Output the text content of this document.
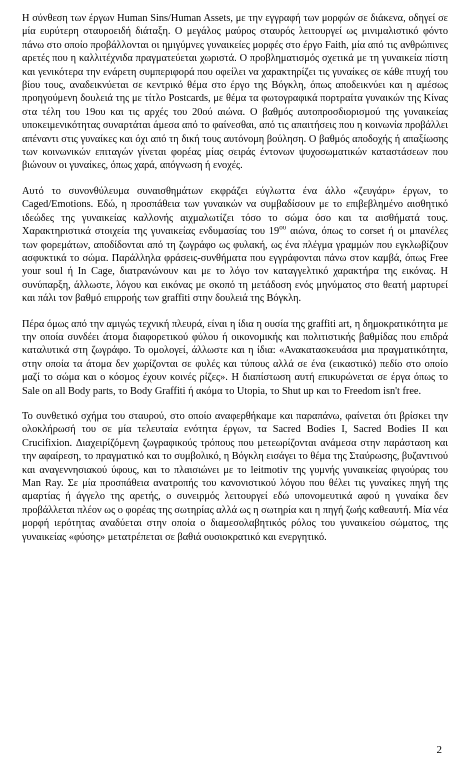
Η σύνθεση των έργων Human Sins/Human Assets, με την εγγραφή των μορφών σε διάκενα, οδηγεί σε μία ευρύτερη σταυροειδή διάταξη. Ο μεγάλος μαύρος σταυρός λειτουργεί ως μινιμαλιστικό φόντο πάνω στο οποίο προβάλλονται οι ημιγύμνες γυναικείες μορφές στο έργο Faith, μία από τις ανθρώπινες αρετές που η καλλιτέχνιδα πραγματεύεται χωριστά. Ο προβληματισμός σχετικά με τη γυναικεία πίστη και γενικότερα την ενάρετη συμπεριφορά που οφείλει να χαρακτηρίζει τις γυναίκες σε κάθε πτυχή του βίου τους, αναδεικνύεται σε κεντρικό θέμα στο έργο της Βόγκλη, όπως αποδεικνύει και η αμέσως προηγούμενη δουλειά της με τίτλο Postcards, με θέμα τα φωτογραφικά πορτραίτα γυναικών της Κίνας στα τέλη του 19ου και τις αρχές του 20ού αιώνα. Ο βαθμός αυτοπροσδιορισμού της γυναικείας υποκειμενικότητας συναρτάται άμεσα από το φαίνεσθαι, από τις απαιτήσεις που η κοινωνία προβάλλει απέναντι στις γυναίκες και όχι από τη δική τους αυτόνομη βούληση. Ο βαθμός αποδοχής ή απαξίωσης των κοινωνικών επιταγών γίνεται φορέας μίας σειράς έντονων ψυχοσωματικών καταστάσεων που βιώνουν οι γυναίκες, όπως χαρά, απόγνωση ή ενοχές.

Αυτό το συνονθύλευμα συναισθημάτων εκφράζει εύγλωττα ένα άλλο «ζευγάρι» έργων, το Caged/Emotions. Εδώ, η προσπάθεια των γυναικών να συμβαδίσουν με το επιβεβλημένο αισθητικό ιδεώδες της γυναικείας καλλονής αιχμαλωτίζει τόσο το σώμα όσο και τα αισθήματά τους. Χαρακτηριστικά στοιχεία της γυναικείας ενδυμασίας του $19^{o\upsilon}$ αιώνα, όπως το corset ή οι μπανέλες των φορεμάτων, αποδίδονται από τη ζωγράφο ως φυλακή, ως ένα πλέγμα γραμμών που εγκλωβίζουν ασφυκτικά το σώμα. Παράλληλα φράσεις-συνθήματα που εγγράφονται πάνω στον καμβά, όπως Free your soul ή In Cage, διατρανώνουν και με το λόγο τον καταγγελτικό χαρακτήρα της εικόνας. Η συνύπαρξη, άλλωστε, λόγου και εικόνας με σκοπό τη μετάδοση ενός μηνύματος στο θεατή μαρτυρεί και πάλι τον βαθμό επιρροής των graffiti στην δουλειά της Βόγκλη.

Πέρα όμως από την αμιγώς τεχνική πλευρά, είναι η ίδια η ουσία της graffiti art, η δημοκρατικότητα με την οποία συνδέει άτομα διαφορετικού φύλου ή οικονομικής και πολιτιστικής βαθμίδας που επιδρά καταλυτικά στη ζωγράφο. Το ομολογεί, άλλωστε και η ίδια: «Ανακατασκευάσα μια πραγματικότητα, στην οποία τα άτομα δεν χωρίζονται σε φυλές και τύπους αλλά σε ένα (εικαστικό) πεδίο στο οποίο μαζί το σώμα και ο κόσμος έχουν κοινές ρίζες». Η διαπίστωση αυτή επικυρώνεται σε έργα όπως το Sale on all Body parts, το Body Graffiti ή ακόμα το Utopia, το Shut up και το Freedom isn't free.

Το συνθετικό σχήμα του σταυρού, στο οποίο αναφερθήκαμε και παραπάνω, φαίνεται ότι βρίσκει την ολοκλήρωσή του σε μία τελευταία ενότητα έργων, τα Sacred Bodies I, Sacred Bodies II και Crucifixion. Διαχειρίζόμενη ζωγραφικούς τρόπους που μετεωρίζονται ανάμεσα στην παράσταση και την αφαίρεση, το πραγματικό και το συμβολικό, η Βόγκλη εισάγει το θέμα της Σταύρωσης, βυζαντινού και αναγεννησιακού ύφους, και το πλαισιώνει με το leitmotiv της γυμνής γυναικείας φιγούρας του Man Ray. Σε μία προσπάθεια ανατροπής του κανονιστικού λόγου που θέλει τις γυναίκες πηγή της αμαρτίας ή άγγελο της αρετής, ο συνειρμός λειτουργεί εδώ υπονομευτικά αφού η γυναίκα δεν προβάλλεται πλέον ως ο φορέας της σωτηρίας αλλά ως η σωτηρία και η πηγή ζωής καθεαυτή. Μία νέα μορφή ιερότητας αναδύεται στην οποία ο διαμεσολαβητικός ρόλος του γυναικείου σώματος, της γυναικείας «φύσης» μετατρέπεται σε βαθιά ουσιοκρατικό και ενεργητικό.

2
